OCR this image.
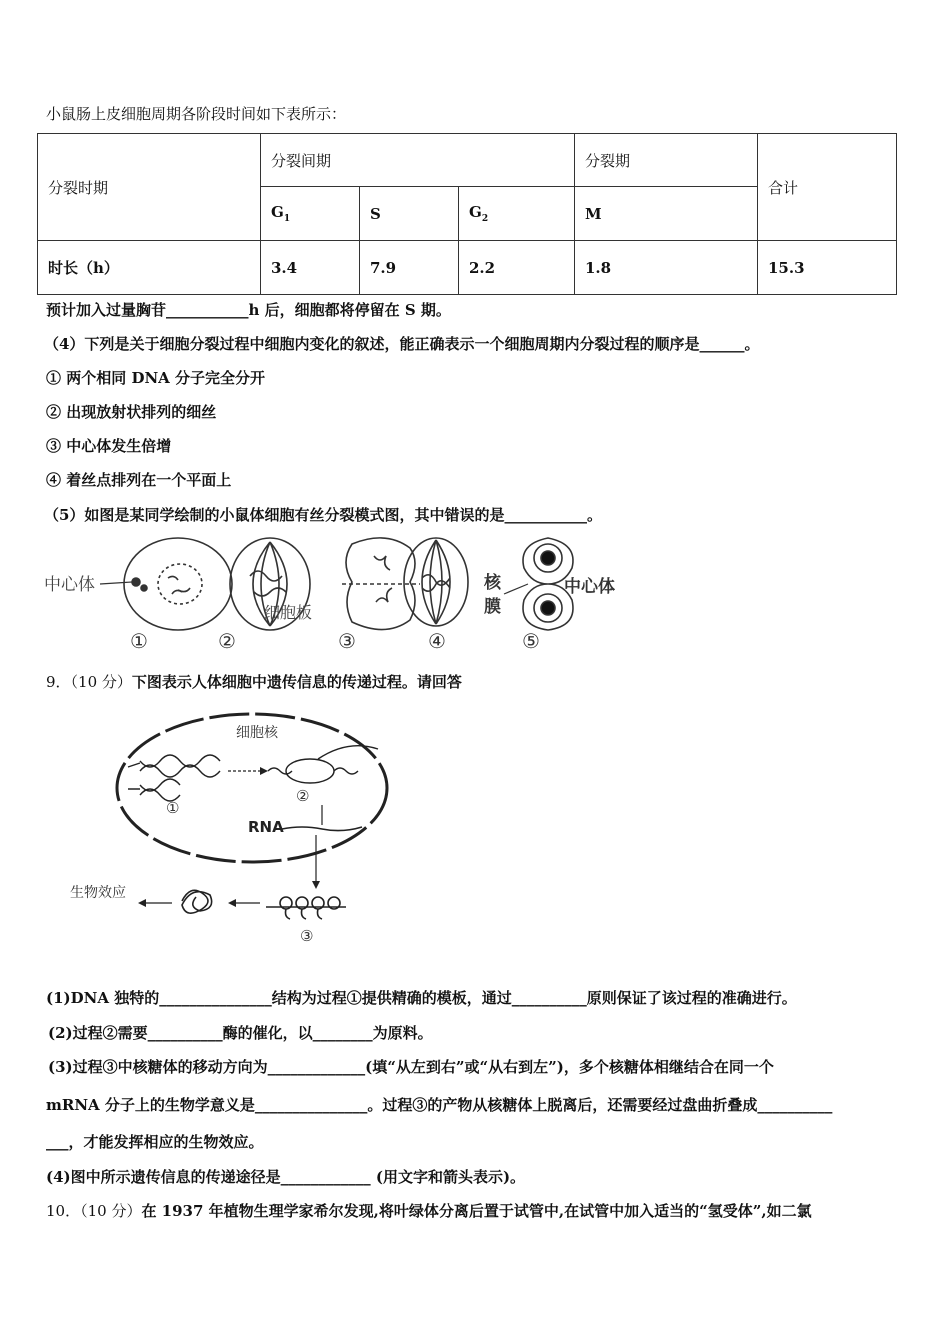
小鼠肠上皮细胞周期各阶段时间如下表所示：
分裂时期	分裂间期			分裂期	合计
	$G_1$	S	$G_2$	M	
时长（h）	3.4	7.9	2.2	1.8	15.3
预计加入过量胸苷___________h 后，细胞都将停留在 S 期。
（4）下列是关于细胞分裂过程中细胞内变化的叙述，能正确表示一个细胞周期内分裂过程的顺序是______。
① 两个相同 DNA 分子完全分开
② 出现放射状排列的细丝
③ 中心体发生倍增
④ 着丝点排列在一个平面上
（5）如图是某同学绘制的小鼠体细胞有丝分裂模式图，其中错误的是___________。
中心体
细胞板
核
膜
中心体
①	②	③	④	⑤
9．（10 分）下图表示人体细胞中遗传信息的传递过程。请回答
细胞核
①
②
RNA
③
生物效应
(1)DNA 独特的_______________结构为过程①提供精确的模板，通过__________原则保证了该过程的准确进行。
(2)过程②需要__________酶的催化，以________为原料。
(3)过程③中核糖体的移动方向为_____________(填“从左到右”或“从右到左”)，多个核糖体相继结合在同一个
mRNA 分子上的生物学意义是_______________。过程③的产物从核糖体上脱离后，还需要经过盘曲折叠成__________
___，才能发挥相应的生物效应。
(4)图中所示遗传信息的传递途径是____________ (用文字和箭头表示)。
10．（10 分）在 1937 年植物生理学家希尔发现,将叶绿体分离后置于试管中,在试管中加入适当的“氢受体”,如二氯
